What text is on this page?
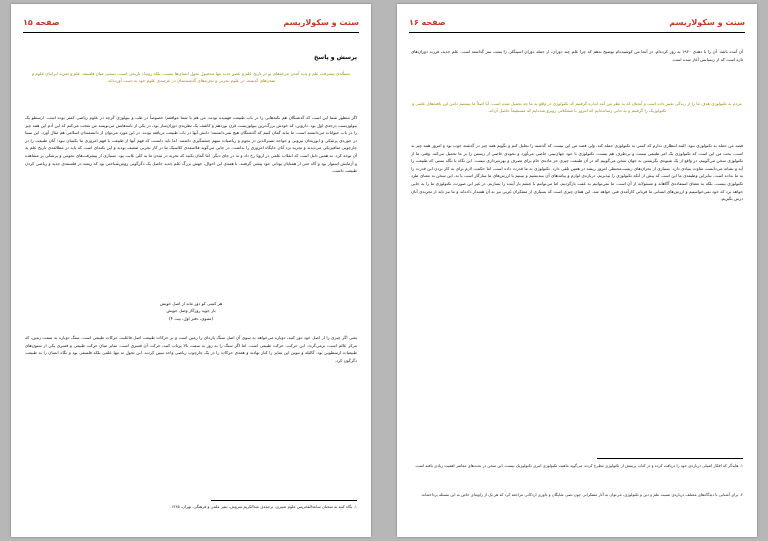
سنت و سکولاریسم
صفحه ۱۵
پرسش و پاسخ
مسأله‌ی پیشرفت علم و پدید آمدن چرخه‌های نو در تاریخ علم و عصر جدید تنها محصول تحول انسان‌ها نیست، بلکه رویداد تاریخی است، نسبتی میان فلسفه، علم و تجربه ایرانیان علوم و تمدن‌های گذشته، در علوم تجربی و تجربه‌های گذشته‌شان در عرصه‌ی علوم خود به دست آورده‌اند.
اگر منظور شما این است که گذشتگان هم نکته‌هایی را در باب طبیعت فهمیده بودند، من هم با شما موافقم؛ خصوصاً در طب و بیولوژی گرچه در علوم ریاضی کمتر بوده است. ارسطو یک بیولوژیست درجه‌ی اول بود. داروین، که خودش بزرگ‌ترین بیولوژیست قرن نوزدهم و کاشف یک نظریه‌ی دوران‌ساز بود، در یکی از نامه‌هایش می‌نویسد من تعجب می‌کنم که این آدم این همه چیز را در باب حیوانات می‌دانسته است. ما نباید گمان کنیم که گذشتگان هیچ نمی‌دانستند؛ دانش آنها در باب طبیعت دریافته بودند. در این مورد می‌توان از دانشمندان اسلامی هم مثال آورد. ابن سینا در حوزه‌ی پزشکی و ابوریحان بیرونی و خواجه نصیرالدین در نجوم و ریاضیات سهم چشمگیری داشتند. اما باید دانست که فهم آنها از طبیعت با فهم امروزی ما یکسان نبود؛ آنان طبیعت را در چارچوبی متافیزیکی می‌دیدند و تجربه نزد آنان جایگاه امروزی را نداشت. در جایی می‌گوید فلاسفه‌ی کلاسیک ما در کار تجربی ضعیف بودند و این نکته‌ای است که باید در مطالعه‌ی تاریخ علم به آن توجه کرد. به همین دلیل است که انقلاب علمی در اروپا رخ داد و نه در جای دیگر. اما گمان نکنید که تجربه در تمدن ما به کلی غایب بود. بسیاری از پیشرفت‌های نجومی و پزشکی بر مشاهده و آزمایش استوار بود و گاه حتی از همتایان یونانی خود پیشی گرفتند. با همه‌ی این احوال، جهش بزرگ علم جدید حاصل یک دگرگونی روش‌شناختی بود که ریشه در فلسفه‌ی جدید و ریاضی کردن طبیعت داشت.
هر کسی کو دور ماند از اصل خویش
باز جوید روزگار وصل خویش
(مثنوی، دفتر اول، بیت ۴)
یعنی اگر چیزی را از اصل خود دور کنید، دوباره می‌خواهد به سوی آن اصل سنگ پاره‌ای را زمین است و بر حرکات طبیعت اصل فاعلیت حرکات طبیعی است. سنگ دوباره به سمت زمین، که مرکز عالم است، برمی‌گردد. این حرکت، حرکت طبیعی است. اما اگر سنگ را به زور به سمت بالا پرتاب کنید، حرکت آن قسری است. تمایز میان حرکت طبیعی و قسری یکی از ستون‌های طبیعیات ارسطویی بود. گالیله و نیوتن این تمایز را کنار نهادند و همه‌ی حرکات را در یک چارچوب ریاضی واحد تبیین کردند. این تحول نه تنها علمی بلکه فلسفی بود و نگاه انسان را به طبیعت دگرگون کرد.
۱. نگاه کنید به سخنان ساعدالفخریس علوم تعبیری، ترجمه‌ی عبدالکریم سروش، نشر علمی و فرهنگی، تهران، ۱۳۶۵.
سنت و سکولاریسم
صفحه ۱۶
آن آمده باشد. آن را با دهه‌ی ۱۹۶۰ به روز کرده‌ام. در آنجا من کوشیده‌ام توضیح بدهم که چرا علم چند دوران، از جمله دوران اسپنگلر، را پشت سر گذاشته است. علم جدید، فرزند دوران‌های تازه است که از رنسانس آغاز شده است.
مردم به تکنولوژی هدف ما را از زندگی تغییر داده است و آنچنان که به نظر من آمد اندازه گرفتیم که تکنولوژی در واقع به ما چه تحمیل شده است؛ آیا اصلاً ما نیستیم دامن این یافته‌های علمی و تکنولوژیک را گرفتیم و به جایی رسانده‌ایم که امروز با مشکلاتی روبرو شده‌ایم که مستقیماً حاصل آن‌اند.
قصد من حمله به تکنولوژی نبود. البته انتظاری ندارم که کسی به تکنولوژی حمله کند. ولی قصد من این نیست که گذشته را تجلیل کنم و بگویم همه چیز در گذشته خوب بود و امروز همه چیز بد است. بحث من این است که تکنولوژی یک امر طبیعی نیست و بی‌طرف هم نیست. تکنولوژی با خود جهان‌بینی خاصی می‌آورد و نحوه‌ی خاصی از زیستن را بر ما تحمیل می‌کند. وقتی ما از تکنولوژی سخن می‌گوییم، در واقع از یک شیوه‌ی نگریستن به جهان سخن می‌گوییم که در آن طبیعت چیزی جز ماده‌ی خام برای تصرف و بهره‌برداری نیست. این نگاه با نگاه سنتی که طبیعت را آیه و نشانه می‌دانست تفاوت بنیادی دارد. بسیاری از بحران‌های زیست‌محیطی امروز ریشه در همین تلقی دارد. تکنولوژی به ما قدرت داده است، اما حکمت لازم برای به کار بردن این قدرت را به ما نداده است. بنابراین وظیفه‌ی ما این است که پیش از آنکه تکنولوژی را بپذیریم، درباره‌ی لوازم و پیامدهای آن بیندیشیم و ببینیم با ارزش‌های ما سازگار است یا نه. این سخن به معنای طرد تکنولوژی نیست، بلکه به معنای استفاده‌ی آگاهانه و مسئولانه از آن است. ما نمی‌توانیم به عقب بازگردیم، اما می‌توانیم با چشم باز آینده را بسازیم. در غیر این صورت، تکنولوژی ما را به جایی خواهد برد که خود نمی‌خواستیم و ارزش‌های انسانی ما قربانی کارآمدی فنی خواهد شد. این همان چیزی است که بسیاری از متفکران غربی نیز به آن هشدار داده‌اند و ما نیز باید از تجربه‌ی آنان درس بگیریم.
۱. هایدگر که افکار اصیلی درباره‌ی خود را دریافت کرده و در کتاب پرسش از تکنولوژی مطرح کرده، می‌گوید ماهیت تکنولوژی امری تکنولوژیک نیست. این سخن در بحث‌های معاصر اهمیت زیادی یافته است.
۲. برای آشنایی با دیدگاه‌های مختلف درباره‌ی نسبت علم و دین و تکنولوژی، می‌توان به آثار متفکرانی چون نصر، شایگان و داوری اردکانی مراجعه کرد که هر یک از زاویه‌ای خاص به این مسئله پرداخته‌اند.
